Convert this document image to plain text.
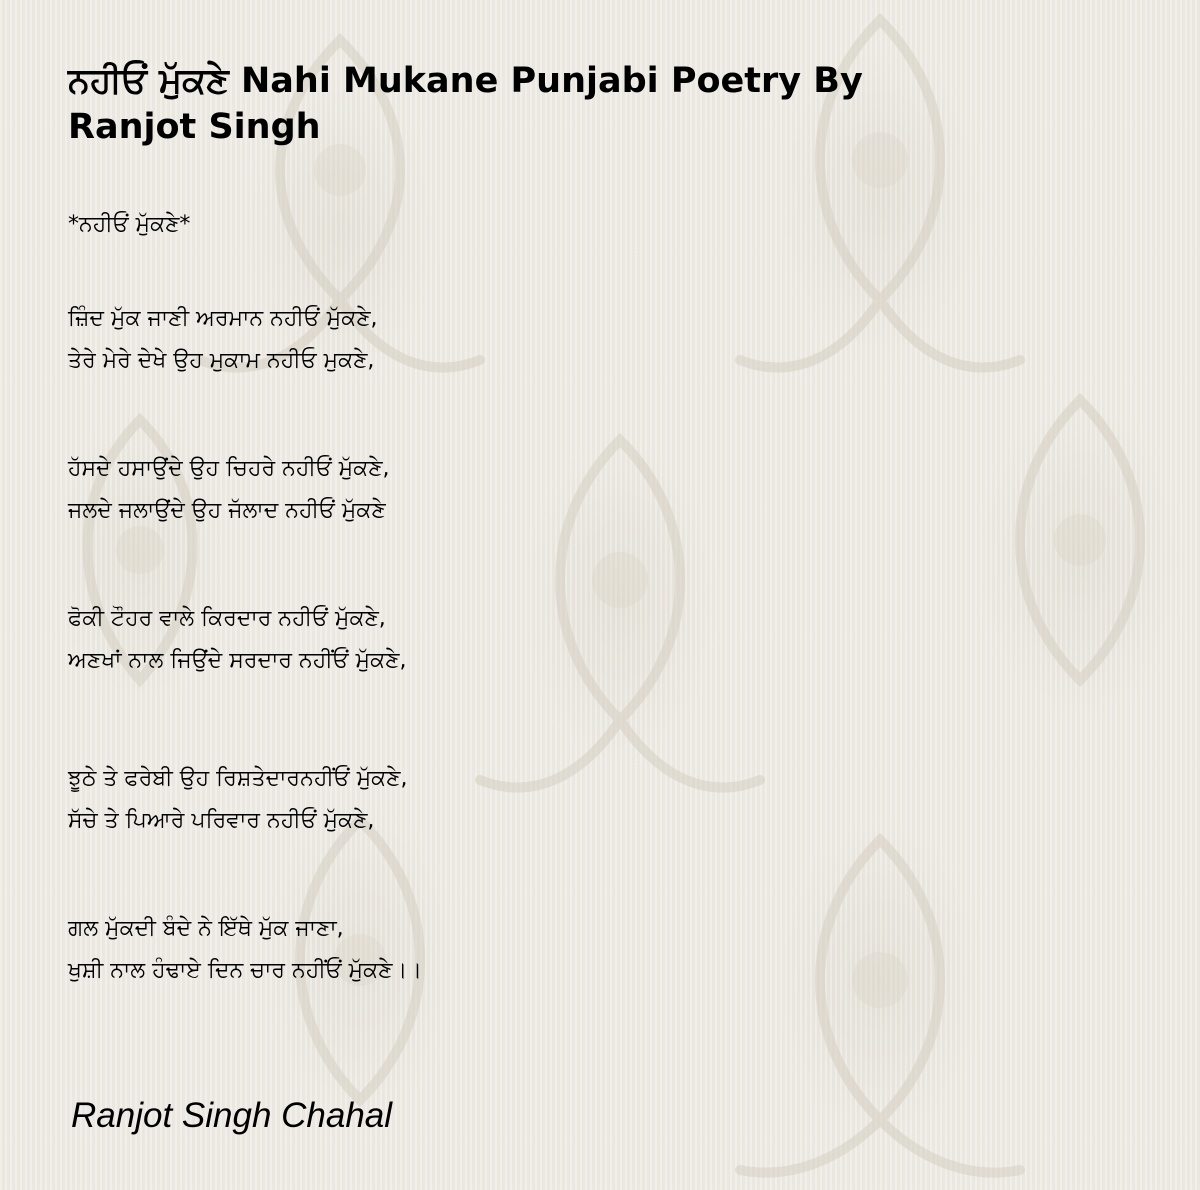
ਨਹੀਓਂ ਮੁੱਕਣੇ Nahi Mukane Punjabi Poetry By Ranjot Singh
*ਨਹੀਓਂ ਮੁੱਕਣੇ*
ਜ਼ਿੰਦ ਮੁੱਕ ਜਾਣੀ ਅਰਮਾਨ ਨਹੀਓਂ ਮੁੱਕਣੇ,
ਤੇਰੇ ਮੇਰੇ ਦੇਖੇ ਉਹ ਮੁਕਾਮ ਨਹੀਓ ਮੁਕਣੇ,
ਹੱਸਦੇ ਹਸਾਉਂਦੇ ਉਹ ਚਿਹਰੇ ਨਹੀਓਂ ਮੁੱਕਣੇ,
ਜਲਦੇ ਜਲਾਉਂਦੇ ਉਹ ਜੱਲਾਦ ਨਹੀਓਂ ਮੁੱਕਣੇ
ਫੋਕੀ ਟੌਹਰ ਵਾਲੇ ਕਿਰਦਾਰ ਨਹੀਓਂ ਮੁੱਕਣੇ,
ਅਣਖਾਂ ਨਾਲ ਜਿਉਂਦੇ ਸਰਦਾਰ ਨਹੀਂਓਂ ਮੁੱਕਣੇ,
ਝੂਠੇ ਤੇ ਫਰੇਬੀ ਉਹ ਰਿਸ਼ਤੇਦਾਰਨਹੀਂਓਂ ਮੁੱਕਣੇ,
ਸੱਚੇ ਤੇ ਪਿਆਰੇ ਪਰਿਵਾਰ ਨਹੀਓਂ ਮੁੱਕਣੇ,
ਗਲ ਮੁੱਕਦੀ ਬੰਦੇ ਨੇ ਇੱਥੇ ਮੁੱਕ ਜਾਣਾ,
ਖੁਸ਼ੀ ਨਾਲ ਹੰਢਾਏ ਦਿਨ ਚਾਰ ਨਹੀਂਓਂ ਮੁੱਕਣੇ।।
Ranjot Singh Chahal
